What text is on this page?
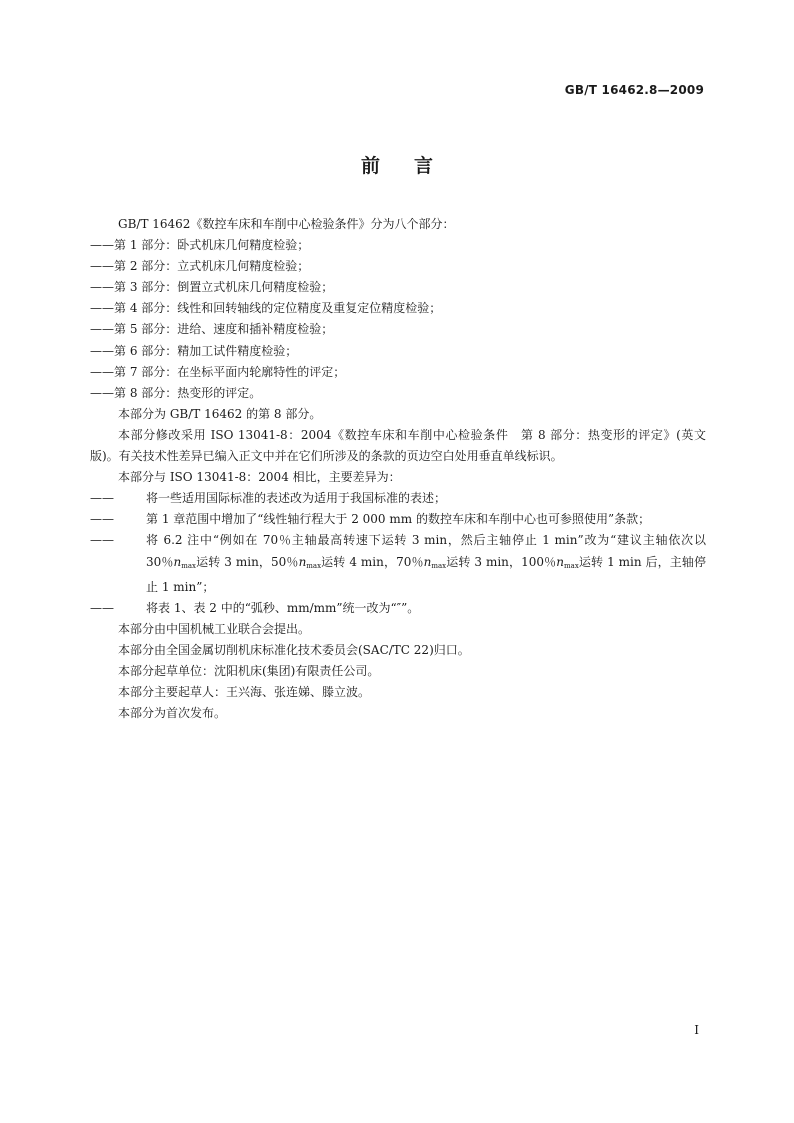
GB/T 16462.8—2009
前言

GB/T 16462《数控车床和车削中心检验条件》分为八个部分：

——第 1 部分：卧式机床几何精度检验；

——第 2 部分：立式机床几何精度检验；

——第 3 部分：倒置立式机床几何精度检验；

——第 4 部分：线性和回转轴线的定位精度及重复定位精度检验；

——第 5 部分：进给、速度和插补精度检验；

——第 6 部分：精加工试件精度检验；

——第 7 部分：在坐标平面内轮廓特性的评定；

——第 8 部分：热变形的评定。

本部分为 GB/T 16462 的第 8 部分。

本部分修改采用 ISO 13041-8：2004《数控车床和车削中心检验条件　第 8 部分：热变形的评定》(英文版)。有关技术性差异已编入正文中并在它们所涉及的条款的页边空白处用垂直单线标识。

本部分与 ISO 13041-8：2004 相比，主要差异为：

——	将一些适用国际标准的表述改为适用于我国标准的表述；
——	第 1 章范围中增加了“线性轴行程大于 2 000 mm 的数控车床和车削中心也可参照使用”条款；
——	将 6.2 注中“例如在 70％主轴最高转速下运转 3 min，然后主轴停止 1 min”改为“建议主轴依次以 30％$n_{max}$运转 3 min，50％$n_{max}$运转 4 min，70％$n_{max}$运转 3 min，100％$n_{max}$运转 1 min 后，主轴停止 1 min”；
——	将表 1、表 2 中的“弧秒、mm/mm”统一改为“″”。

本部分由中国机械工业联合会提出。

本部分由全国金属切削机床标准化技术委员会(SAC/TC 22)归口。

本部分起草单位：沈阳机床(集团)有限责任公司。

本部分主要起草人：王兴海、张连娣、滕立波。

本部分为首次发布。

I
